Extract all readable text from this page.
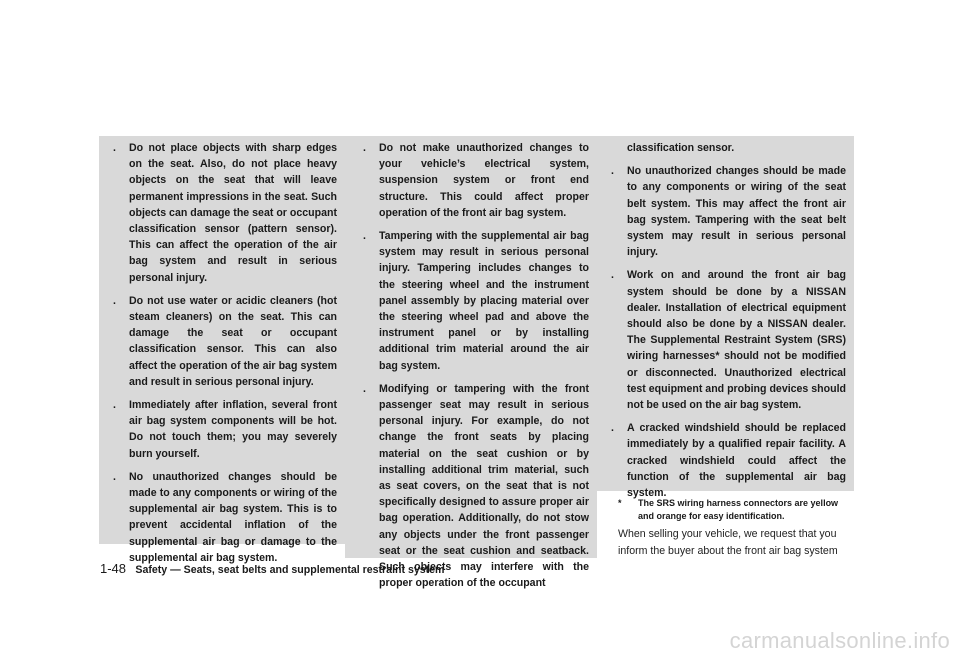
. Do not place objects with sharp edges on the seat. Also, do not place heavy objects on the seat that will leave permanent impressions in the seat. Such objects can damage the seat or occupant classification sensor (pattern sensor). This can affect the operation of the air bag system and result in serious personal injury.
. Do not use water or acidic cleaners (hot steam cleaners) on the seat. This can damage the seat or occupant classification sensor. This can also affect the operation of the air bag system and result in serious personal injury.
. Immediately after inflation, several front air bag system components will be hot. Do not touch them; you may severely burn yourself.
. No unauthorized changes should be made to any components or wiring of the supplemental air bag system. This is to prevent accidental inflation of the supplemental air bag or damage to the supplemental air bag system.
. Do not make unauthorized changes to your vehicle’s electrical system, suspension system or front end structure. This could affect proper operation of the front air bag system.
. Tampering with the supplemental air bag system may result in serious personal injury. Tampering includes changes to the steering wheel and the instrument panel assembly by placing material over the steering wheel pad and above the instrument panel or by installing additional trim material around the air bag system.
. Modifying or tampering with the front passenger seat may result in serious personal injury. For example, do not change the front seats by placing material on the seat cushion or by installing additional trim material, such as seat covers, on the seat that is not specifically designed to assure proper air bag operation. Additionally, do not stow any objects under the front passenger seat or the seat cushion and seatback. Such objects may interfere with the proper operation of the occupant
classification sensor.
. No unauthorized changes should be made to any components or wiring of the seat belt system. This may affect the front air bag system. Tampering with the seat belt system may result in serious personal injury.
. Work on and around the front air bag system should be done by a NISSAN dealer. Installation of electrical equipment should also be done by a NISSAN dealer. The Supplemental Restraint System (SRS) wiring harnesses* should not be modified or disconnected. Unauthorized electrical test equipment and probing devices should not be used on the air bag system.
. A cracked windshield should be replaced immediately by a qualified repair facility. A cracked windshield could affect the function of the supplemental air bag system.
* The SRS wiring harness connectors are yellow and orange for easy identification.
When selling your vehicle, we request that you inform the buyer about the front air bag system
1-48 Safety — Seats, seat belts and supplemental restraint system
carmanualsonline.info
